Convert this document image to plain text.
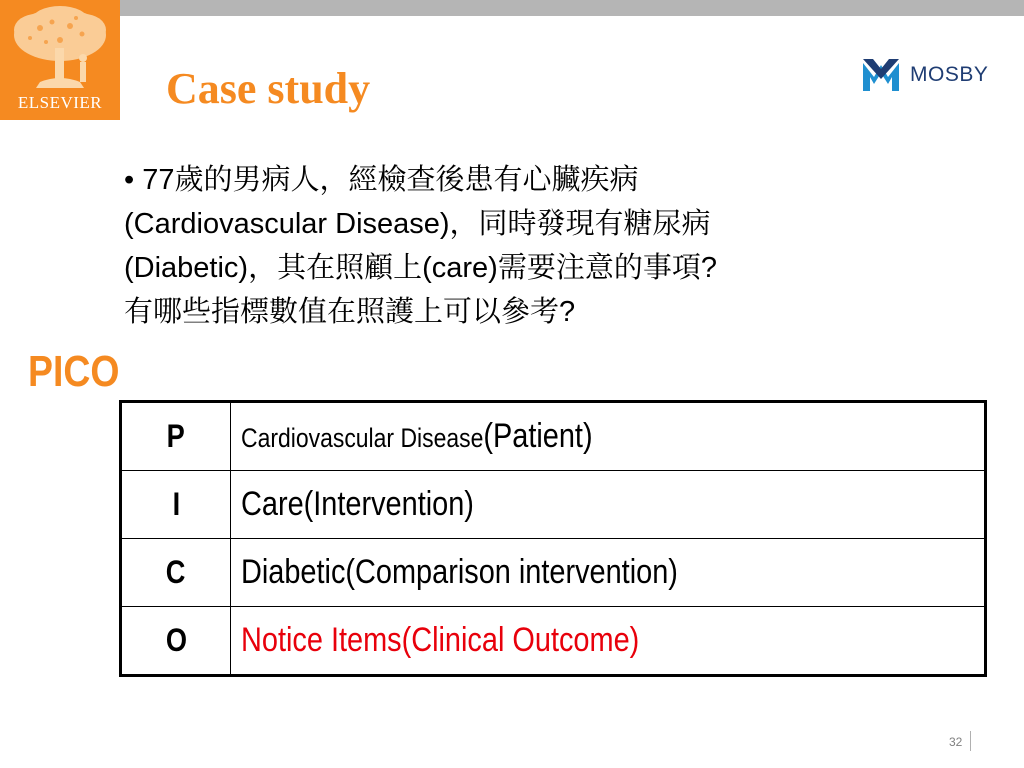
ELSEVIER	Case study	MOSBY
• 77歲的男病人，經檢查後患有心臟疾病
(Cardiovascular Disease)，同時發現有糖尿病
(Diabetic)，其在照顧上(care)需要注意的事項?
有哪些指標數值在照護上可以參考?
PICO
P	Cardiovascular Disease(Patient)
I	Care(Intervention)
C	Diabetic(Comparison intervention)
O	Notice Items(Clinical Outcome)
32
